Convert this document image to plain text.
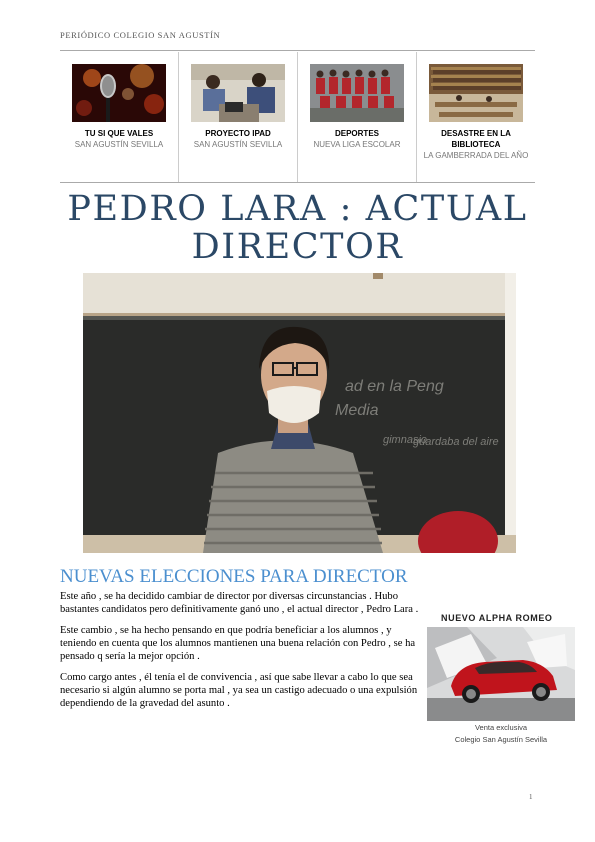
PERIÓDICO COLEGIO SAN AGUSTÍN
TU SI QUE VALES
SAN AGUSTÍN SEVILLA
PROYECTO IPAD
SAN AGUSTÍN SEVILLA
DEPORTES
NUEVA LIGA ESCOLAR
DESASTRE EN LA BIBLIOTECA
LA GAMBERRADA DEL AÑO
PEDRO LARA : ACTUAL DIRECTOR
ad en la Peng
Media
gimnasio
guardaba del aire
NUEVAS ELECCIONES PARA DIRECTOR

Este año , se ha decidido cambiar de director por diversas circunstancias . Hubo bastantes candidatos pero definitivamente ganó uno , el actual director , Pedro Lara .

Este cambio , se ha hecho pensando en que podría beneficiar a los alumnos , y teniendo en cuenta que los alumnos mantienen una buena relación con Pedro , se ha pensado q sería la mejor opción .

Como cargo antes , él tenía el de convivencia , así que sabe llevar a cabo lo que sea necesario si algún alumno se porta mal , ya sea un castigo adecuado o una expulsión dependiendo de la gravedad del asunto .

NUEVO ALPHA ROMEO
Venta exclusiva
Colegio San Agustín Sevilla
1
